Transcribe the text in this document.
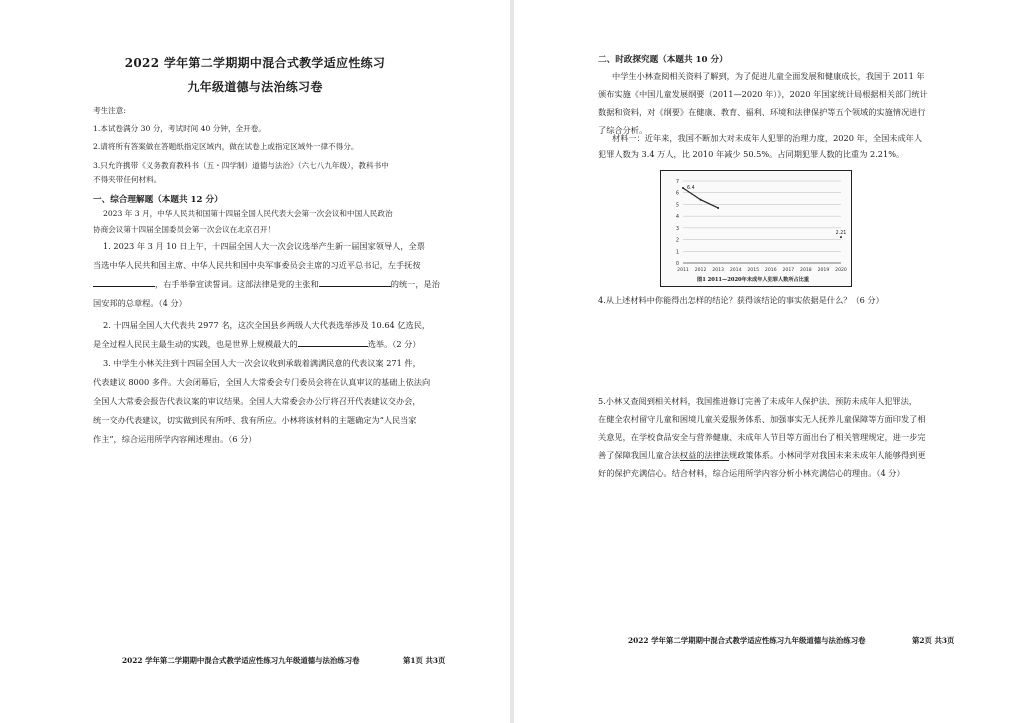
2022 学年第二学期期中混合式教学适应性练习
九年级道德与法治练习卷
考生注意:
1.本试卷满分 30 分，考试时间 40 分钟，全开卷。
2.请将所有答案做在答题纸指定区域内，做在试卷上或指定区域外一律不得分。
3.只允许携带《义务教育教科书（五・四学制）道德与法治》（六七八九年级），教科书中
不得夹带任何材料。
一、综合理解题（本题共 12 分）
2023 年 3 月，中华人民共和国第十四届全国人民代表大会第一次会议和中国人民政治
协商会议第十四届全国委员会第一次会议在北京召开！
1. 2023 年 3 月 10 日上午，十四届全国人大一次会议选举产生新一届国家领导人，全票
当选中华人民共和国主席、中华人民共和国中央军事委员会主席的习近平总书记，左手抚按
，右手举拳宣读誓词。这部法律是党的主张和	的统一，是治
国安邦的总章程。（4 分）
2. 十四届全国人大代表共 2977 名，这次全国县乡两级人大代表选举涉及 10.64 亿选民，
是全过程人民民主最生动的实践，也是世界上规模最大的	选举。（2 分）
3. 中学生小林关注到十四届全国人大一次会议收到承载着满满民意的代表议案 271 件，
代表建议 8000 多件。大会闭幕后，全国人大常委会专门委员会将在认真审议的基础上依法向
全国人大常委会报告代表议案的审议结果。全国人大常委会办公厅将召开代表建议交办会，
统一交办代表建议，切实做到民有所呼、我有所应。小林将该材料的主题确定为“人民当家
作主”，综合运用所学内容阐述理由。（6 分）
2022 学年第二学期期中混合式教学适应性练习九年级道德与法治练习卷	第1页 共3页
二、时政探究题（本题共 10 分）
中学生小林查阅相关资料了解到，为了促进儿童全面发展和健康成长，我国于 2011 年
颁布实施《中国儿童发展纲要（2011—2020 年）》，2020 年国家统计局根据相关部门统计
数据和资料，对《纲要》在健康、教育、福利、环境和法律保护等五个领域的实施情况进行
了综合分析。
材料一：近年来，我国不断加大对未成年人犯罪的治理力度，2020 年，全国未成年人
犯罪人数为 3.4 万人，比 2010 年减少 50.5%。占同期犯罪人数的比重为 2.21%。
0
1
2
3
4
5
6
7
2011 2012 2013 2014 2015 2016 2017 2018 2019 2020
6.4
2.21
图1 2011—2020年未成年人犯罪人数所占比重
4.从上述材料中你能得出怎样的结论？获得该结论的事实依据是什么？（6 分）
5.小林又查阅到相关材料，我国推进修订完善了未成年人保护法、预防未成年人犯罪法，
在健全农村留守儿童和困境儿童关爱服务体系、加强事实无人抚养儿童保障等方面印发了相
关意见，在学校食品安全与营养健康、未成年人节目等方面出台了相关管理规定，进一步完
善了保障我国儿童合法权益的法律法规政策体系。小林同学对我国未来未成年人能够得到更
好的保护充满信心。结合材料，综合运用所学内容分析小林充满信心的理由。（4 分）
2022 学年第二学期期中混合式教学适应性练习九年级道德与法治练习卷	第2页 共3页
